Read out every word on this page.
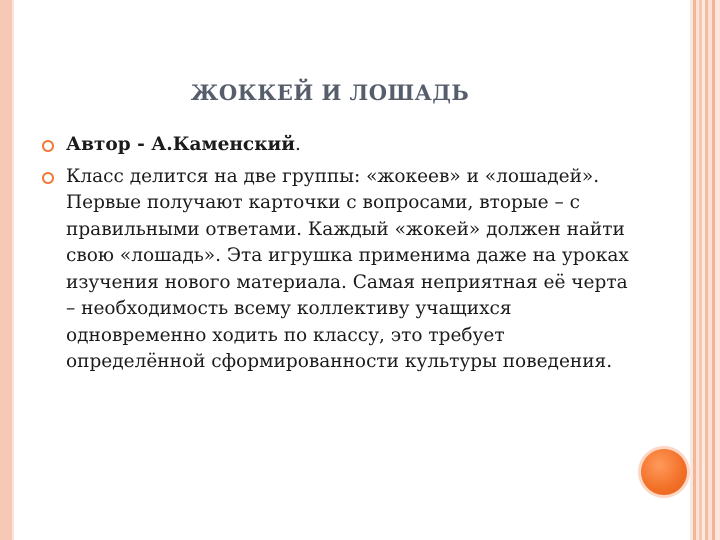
ЖОККЕЙ И ЛОШАДЬ
Автор - А.Каменский.
Класс делится на две группы: «жокеев» и «лошадей». Первые получают карточки с вопросами, вторые – с правильными ответами. Каждый «жокей» должен найти свою «лошадь». Эта игрушка применима даже на уроках изучения нового материала. Самая неприятная её черта – необходимость всему коллективу учащихся одновременно ходить по классу, это требует определённой сформированности культуры поведения.
